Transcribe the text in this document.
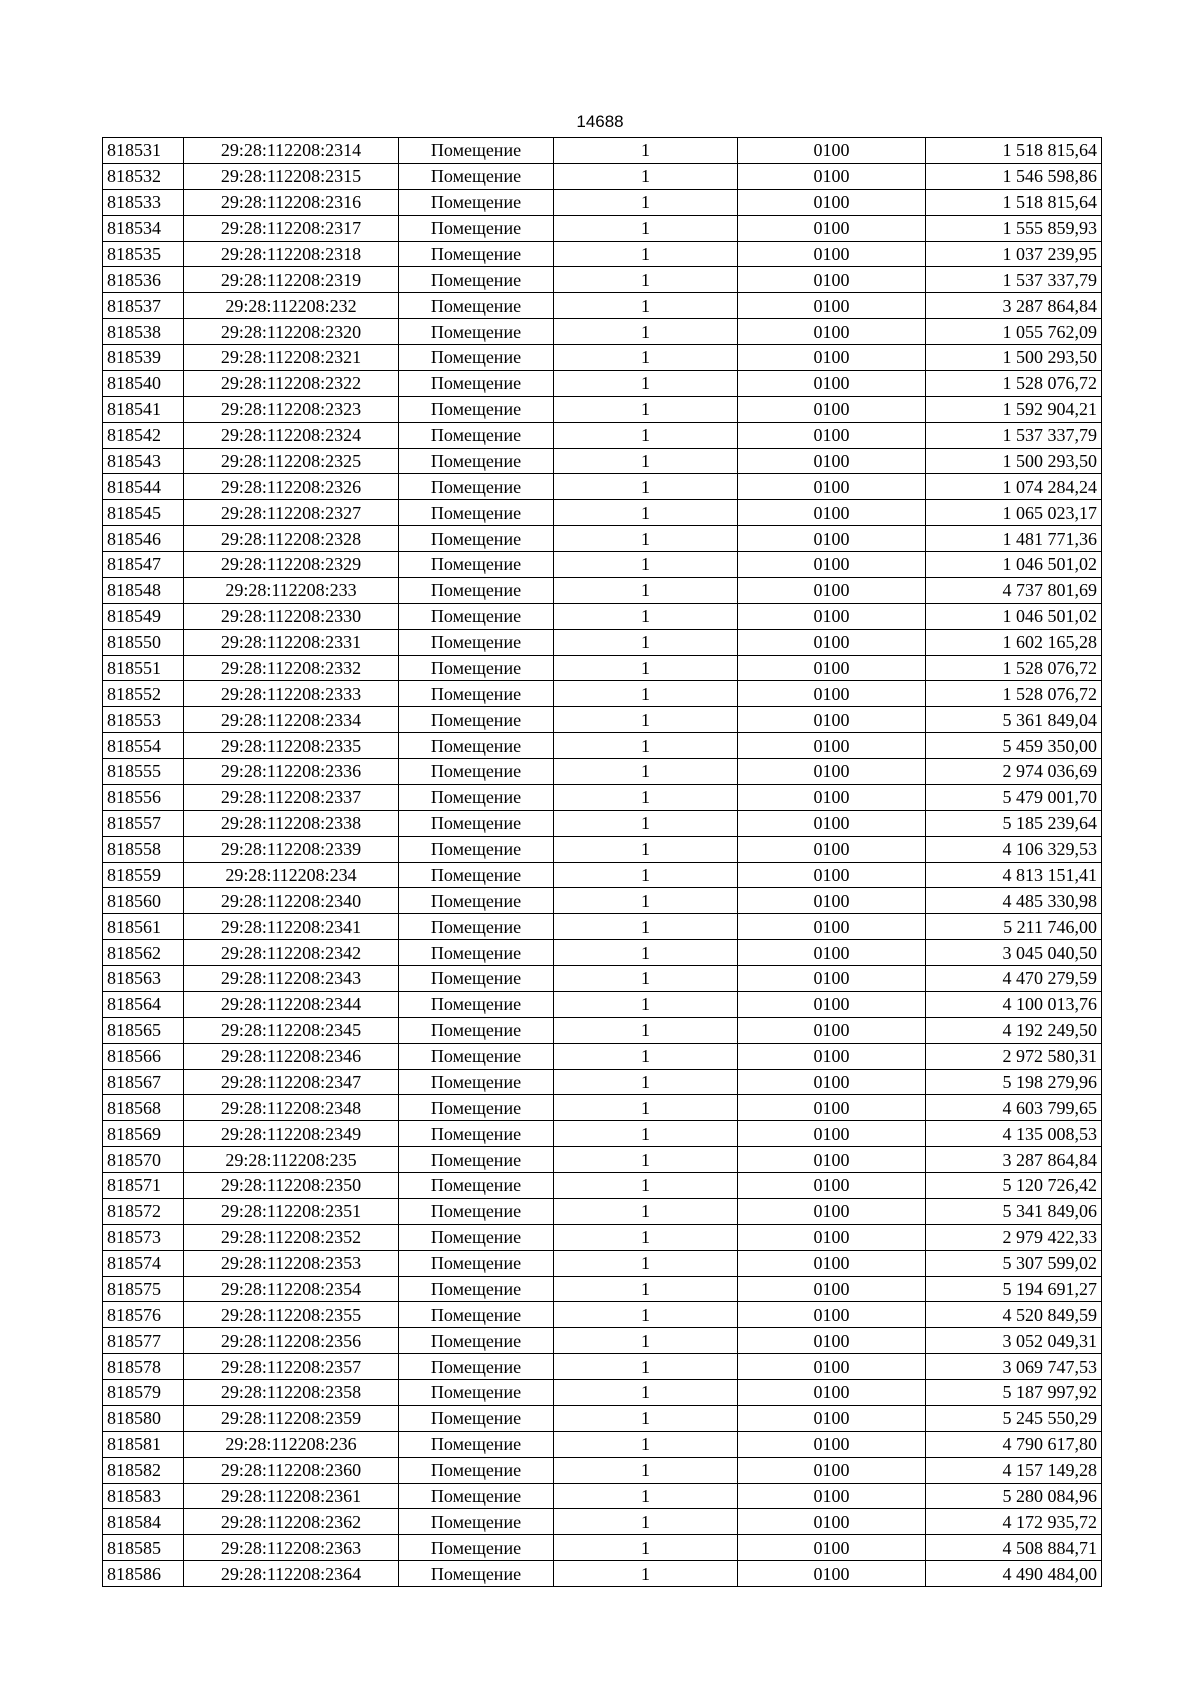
14688
818531	29:28:112208:2314	Помещение	1	0100	1 518 815,64
818532	29:28:112208:2315	Помещение	1	0100	1 546 598,86
818533	29:28:112208:2316	Помещение	1	0100	1 518 815,64
818534	29:28:112208:2317	Помещение	1	0100	1 555 859,93
818535	29:28:112208:2318	Помещение	1	0100	1 037 239,95
818536	29:28:112208:2319	Помещение	1	0100	1 537 337,79
818537	29:28:112208:232	Помещение	1	0100	3 287 864,84
818538	29:28:112208:2320	Помещение	1	0100	1 055 762,09
818539	29:28:112208:2321	Помещение	1	0100	1 500 293,50
818540	29:28:112208:2322	Помещение	1	0100	1 528 076,72
818541	29:28:112208:2323	Помещение	1	0100	1 592 904,21
818542	29:28:112208:2324	Помещение	1	0100	1 537 337,79
818543	29:28:112208:2325	Помещение	1	0100	1 500 293,50
818544	29:28:112208:2326	Помещение	1	0100	1 074 284,24
818545	29:28:112208:2327	Помещение	1	0100	1 065 023,17
818546	29:28:112208:2328	Помещение	1	0100	1 481 771,36
818547	29:28:112208:2329	Помещение	1	0100	1 046 501,02
818548	29:28:112208:233	Помещение	1	0100	4 737 801,69
818549	29:28:112208:2330	Помещение	1	0100	1 046 501,02
818550	29:28:112208:2331	Помещение	1	0100	1 602 165,28
818551	29:28:112208:2332	Помещение	1	0100	1 528 076,72
818552	29:28:112208:2333	Помещение	1	0100	1 528 076,72
818553	29:28:112208:2334	Помещение	1	0100	5 361 849,04
818554	29:28:112208:2335	Помещение	1	0100	5 459 350,00
818555	29:28:112208:2336	Помещение	1	0100	2 974 036,69
818556	29:28:112208:2337	Помещение	1	0100	5 479 001,70
818557	29:28:112208:2338	Помещение	1	0100	5 185 239,64
818558	29:28:112208:2339	Помещение	1	0100	4 106 329,53
818559	29:28:112208:234	Помещение	1	0100	4 813 151,41
818560	29:28:112208:2340	Помещение	1	0100	4 485 330,98
818561	29:28:112208:2341	Помещение	1	0100	5 211 746,00
818562	29:28:112208:2342	Помещение	1	0100	3 045 040,50
818563	29:28:112208:2343	Помещение	1	0100	4 470 279,59
818564	29:28:112208:2344	Помещение	1	0100	4 100 013,76
818565	29:28:112208:2345	Помещение	1	0100	4 192 249,50
818566	29:28:112208:2346	Помещение	1	0100	2 972 580,31
818567	29:28:112208:2347	Помещение	1	0100	5 198 279,96
818568	29:28:112208:2348	Помещение	1	0100	4 603 799,65
818569	29:28:112208:2349	Помещение	1	0100	4 135 008,53
818570	29:28:112208:235	Помещение	1	0100	3 287 864,84
818571	29:28:112208:2350	Помещение	1	0100	5 120 726,42
818572	29:28:112208:2351	Помещение	1	0100	5 341 849,06
818573	29:28:112208:2352	Помещение	1	0100	2 979 422,33
818574	29:28:112208:2353	Помещение	1	0100	5 307 599,02
818575	29:28:112208:2354	Помещение	1	0100	5 194 691,27
818576	29:28:112208:2355	Помещение	1	0100	4 520 849,59
818577	29:28:112208:2356	Помещение	1	0100	3 052 049,31
818578	29:28:112208:2357	Помещение	1	0100	3 069 747,53
818579	29:28:112208:2358	Помещение	1	0100	5 187 997,92
818580	29:28:112208:2359	Помещение	1	0100	5 245 550,29
818581	29:28:112208:236	Помещение	1	0100	4 790 617,80
818582	29:28:112208:2360	Помещение	1	0100	4 157 149,28
818583	29:28:112208:2361	Помещение	1	0100	5 280 084,96
818584	29:28:112208:2362	Помещение	1	0100	4 172 935,72
818585	29:28:112208:2363	Помещение	1	0100	4 508 884,71
818586	29:28:112208:2364	Помещение	1	0100	4 490 484,00
